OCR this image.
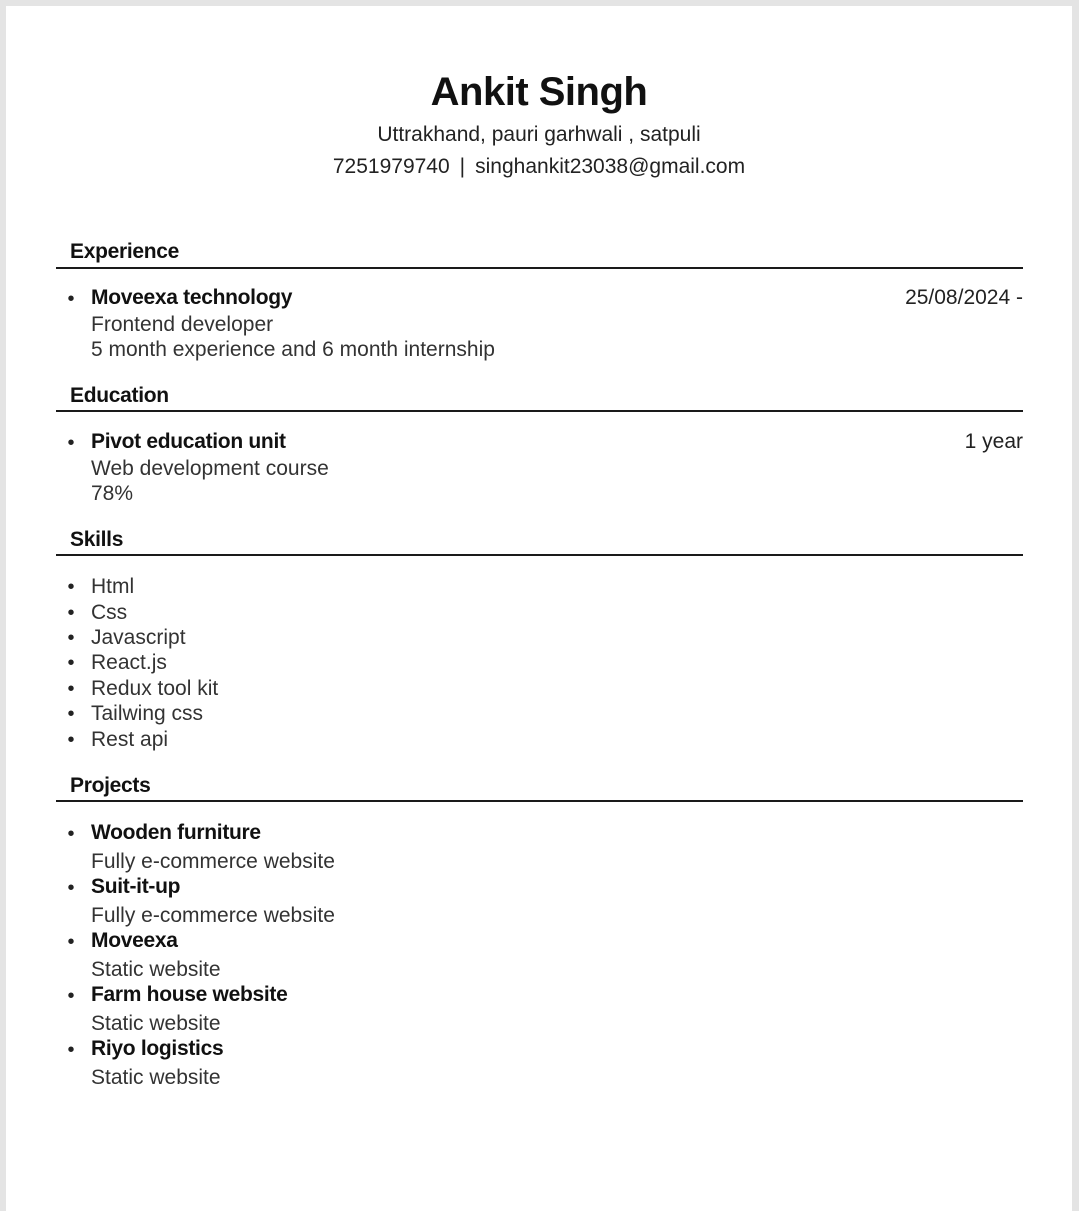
Ankit Singh
Uttrakhand, pauri garhwali , satpuli
7251979740 | singhankit23038@gmail.com
Experience
• Moveexa technology	25/08/2024 -
Frontend developer
5 month experience and 6 month internship
Education
• Pivot education unit	1 year
Web development course
78%
Skills
• Html
• Css
• Javascript
• React.js
• Redux tool kit
• Tailwing css
• Rest api
Projects
• Wooden furniture
Fully e-commerce website
• Suit-it-up
Fully e-commerce website
• Moveexa
Static website
• Farm house website
Static website
• Riyo logistics
Static website
